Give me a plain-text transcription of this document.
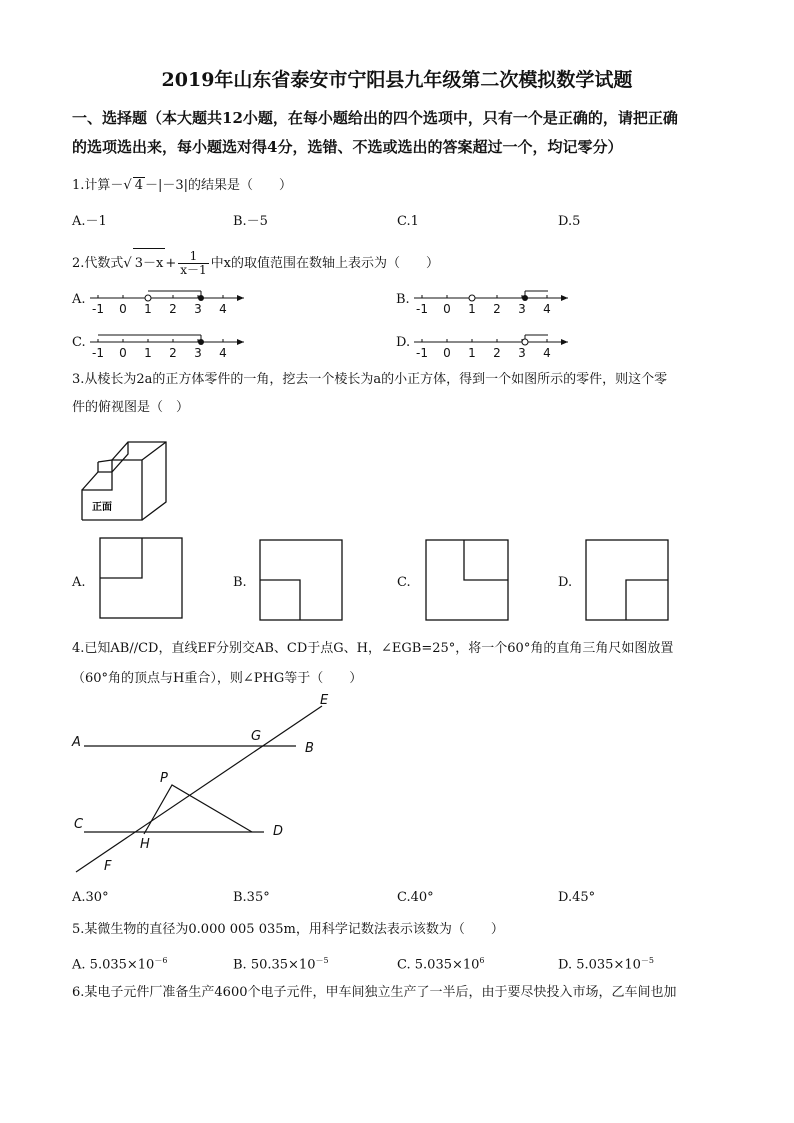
2019年山东省泰安市宁阳县九年级第二次模拟数学试题
一、选择题（本大题共12小题，在每小题给出的四个选项中，只有一个是正确的，请把正确
的选项选出来，每小题选对得4分，选错、不选或选出的答案超过一个，均记零分）
1.计算－√ 4 －|－3|的结果是（　　）
A.－1	B.－5	C.1	D.5
2.代数式√ $3-x + \frac{1}{x-1}$ 中x的取值范围在数轴上表示为（　　）
A.	B.
C.	D.
-1 0 1 2 3 4	-1 0 1 2 3 4
-1 0 1 2 3 4	-1 0 1 2 3 4
3.从棱长为2a的正方体零件的一角，挖去一个棱长为a的小正方体，得到一个如图所示的零件，则这个零
件的俯视图是（　）
正面
A.	B.	C.	D.
4.已知AB//CD，直线EF分别交AB、CD于点G、H，∠EGB=25°，将一个60°角的直角三角尺如图放置
（60°角的顶点与H重合），则∠PHG等于（　　）
A	B
C	D
E
F
G
H
P
A.30°	B.35°	C.40°	D.45°
5.某微生物的直径为0.000 005 035m，用科学记数法表示该数为（　　）
A. $5.035\times 10^{-6}$	B. $50.35\times 10^{-5}$	C. $5.035\times 10^6$	D. $5.035\times 10^{-5}$
6.某电子元件厂准备生产4600个电子元件，甲车间独立生产了一半后，由于要尽快投入市场，乙车间也加
